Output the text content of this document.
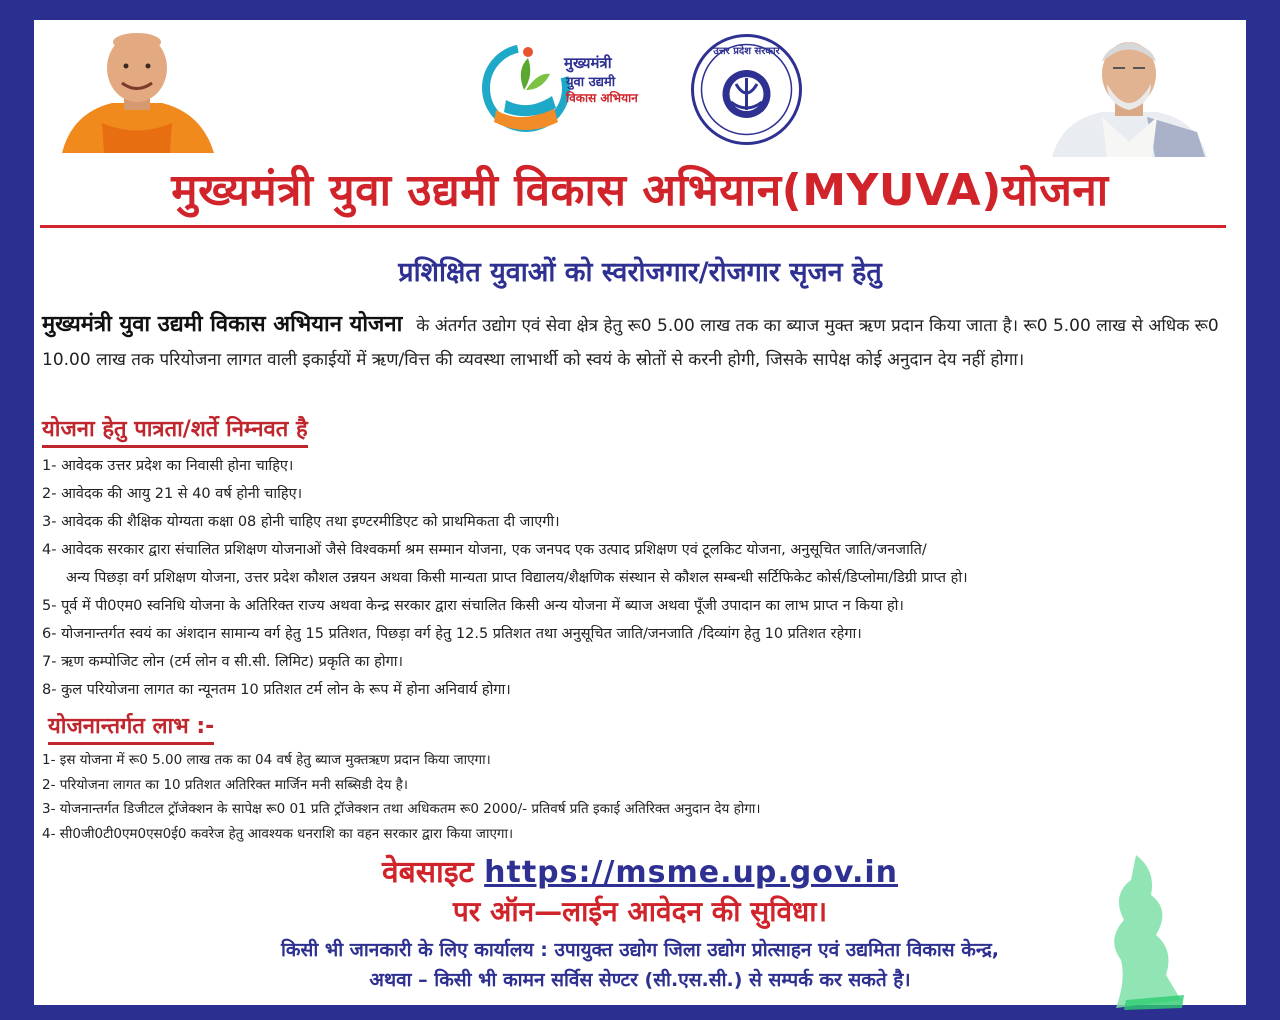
मुख्यमंत्री
युवा उद्यमी
विकास अभियान
उत्तर प्रदेश सरकार
मुख्यमंत्री युवा उद्यमी विकास अभियान(MYUVA)योजना
प्रशिक्षित युवाओं को स्वरोजगार/रोजगार सृजन हेतु
मुख्यमंत्री युवा उद्यमी विकास अभियान योजना के अंतर्गत उद्योग एवं सेवा क्षेत्र हेतु रू0 5.00 लाख तक का ब्याज मुक्त ऋण प्रदान किया जाता है। रू0 5.00 लाख से अधिक रू0 10.00 लाख तक परियोजना लागत वाली इकाईयों में ऋण/वित्त की व्यवस्था लाभार्थी को स्वयं के स्रोतों से करनी होगी, जिसके सापेक्ष कोई अनुदान देय नहीं होगा।
योजना हेतु पात्रता/शर्ते निम्नवत है
1- आवेदक उत्तर प्रदेश का निवासी होना चाहिए।
2- आवेदक की आयु 21 से 40 वर्ष होनी चाहिए।
3- आवेदक की शैक्षिक योग्यता कक्षा 08 होनी चाहिए तथा इण्टरमीडिएट को प्राथमिकता दी जाएगी।
4- आवेदक सरकार द्वारा संचालित प्रशिक्षण योजनाओं जैसे विश्वकर्मा श्रम सम्मान योजना, एक जनपद एक उत्पाद प्रशिक्षण एवं टूलकिट योजना, अनुसूचित जाति/जनजाति/
अन्य पिछड़ा वर्ग प्रशिक्षण योजना, उत्तर प्रदेश कौशल उन्नयन अथवा किसी मान्यता प्राप्त विद्यालय/शैक्षणिक संस्थान से कौशल सम्बन्धी सर्टिफिकेट कोर्स/डिप्लोमा/डिग्री प्राप्त हो।
5- पूर्व में पी0एम0 स्वनिधि योजना के अतिरिक्त राज्य अथवा केन्द्र सरकार द्वारा संचालित किसी अन्य योजना में ब्याज अथवा पूँजी उपादान का लाभ प्राप्त न किया हो।
6- योजनान्तर्गत स्वयं का अंशदान सामान्य वर्ग हेतु 15 प्रतिशत, पिछड़ा वर्ग हेतु 12.5 प्रतिशत तथा अनुसूचित जाति/जनजाति /दिव्यांग हेतु 10 प्रतिशत रहेगा।
7- ऋण कम्पोजिट लोन (टर्म लोन व सी.सी. लिमिट) प्रकृति का होगा।
8- कुल परियोजना लागत का न्यूनतम 10 प्रतिशत टर्म लोन के रूप में होना अनिवार्य होगा।
योजनान्तर्गत लाभ :-
1- इस योजना में रू0 5.00 लाख तक का 04 वर्ष हेतु ब्याज मुक्तऋण प्रदान किया जाएगा।
2- परियोजना लागत का 10 प्रतिशत अतिरिक्त मार्जिन मनी सब्सिडी देय है।
3- योजनान्तर्गत डिजीटल ट्रॉजेक्शन के सापेक्ष रू0 01 प्रति ट्रॉजेक्शन तथा अधिकतम रू0 2000/- प्रतिवर्ष प्रति इकाई अतिरिक्त अनुदान देय होगा।
4- सी0जी0टी0एम0एस0ई0 कवरेज हेतु आवश्यक धनराशि का वहन सरकार द्वारा किया जाएगा।
वेबसाइट https://msme.up.gov.in
पर ऑन—लाईन आवेदन की सुविधा।
किसी भी जानकारी के लिए कार्यालय : उपायुक्त उद्योग जिला उद्योग प्रोत्साहन एवं उद्यमिता विकास केन्द्र,
अथवा – किसी भी कामन सर्विस सेण्टर (सी.एस.सी.) से सम्पर्क कर सकते है।
